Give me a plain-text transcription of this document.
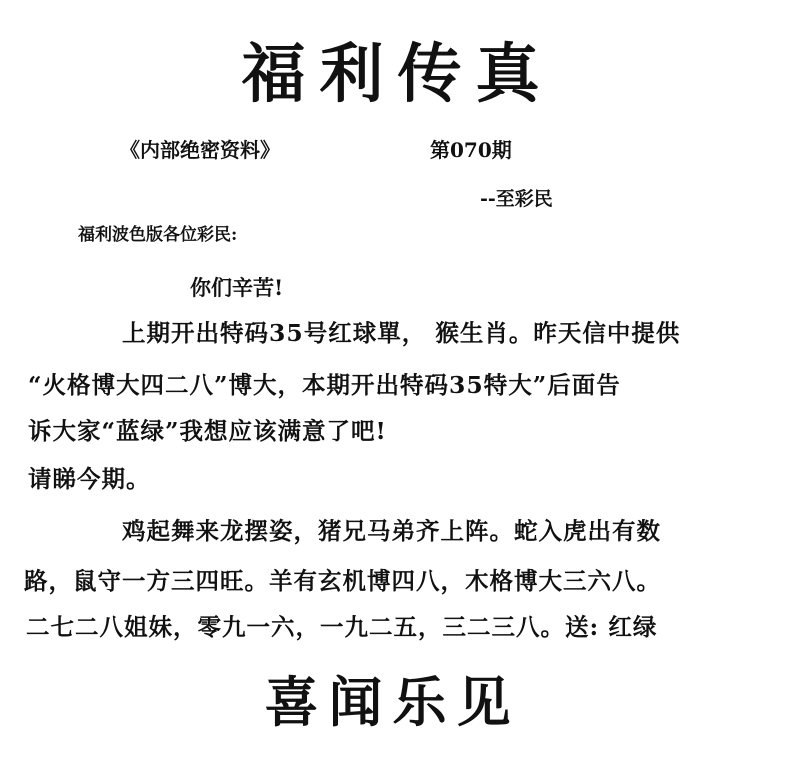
福利传真
《内部绝密资料》	第070期
--至彩民
福利波色版各位彩民:
你们辛苦!
上期开出特码35号红球單， 猴生肖。昨天信中提供
“火格博大四二八”博大，本期开出特码35特大”后面告
诉大家“蓝绿”我想应该满意了吧!
请睇今期。
鸡起舞来龙摆姿，猪兄马弟齐上阵。蛇入虎出有数
路，鼠守一方三四旺。羊有玄机博四八，木格博大三六八。
二七二八姐妹，零九一六，一九二五，三二三八。送: 红绿
喜闻乐见
